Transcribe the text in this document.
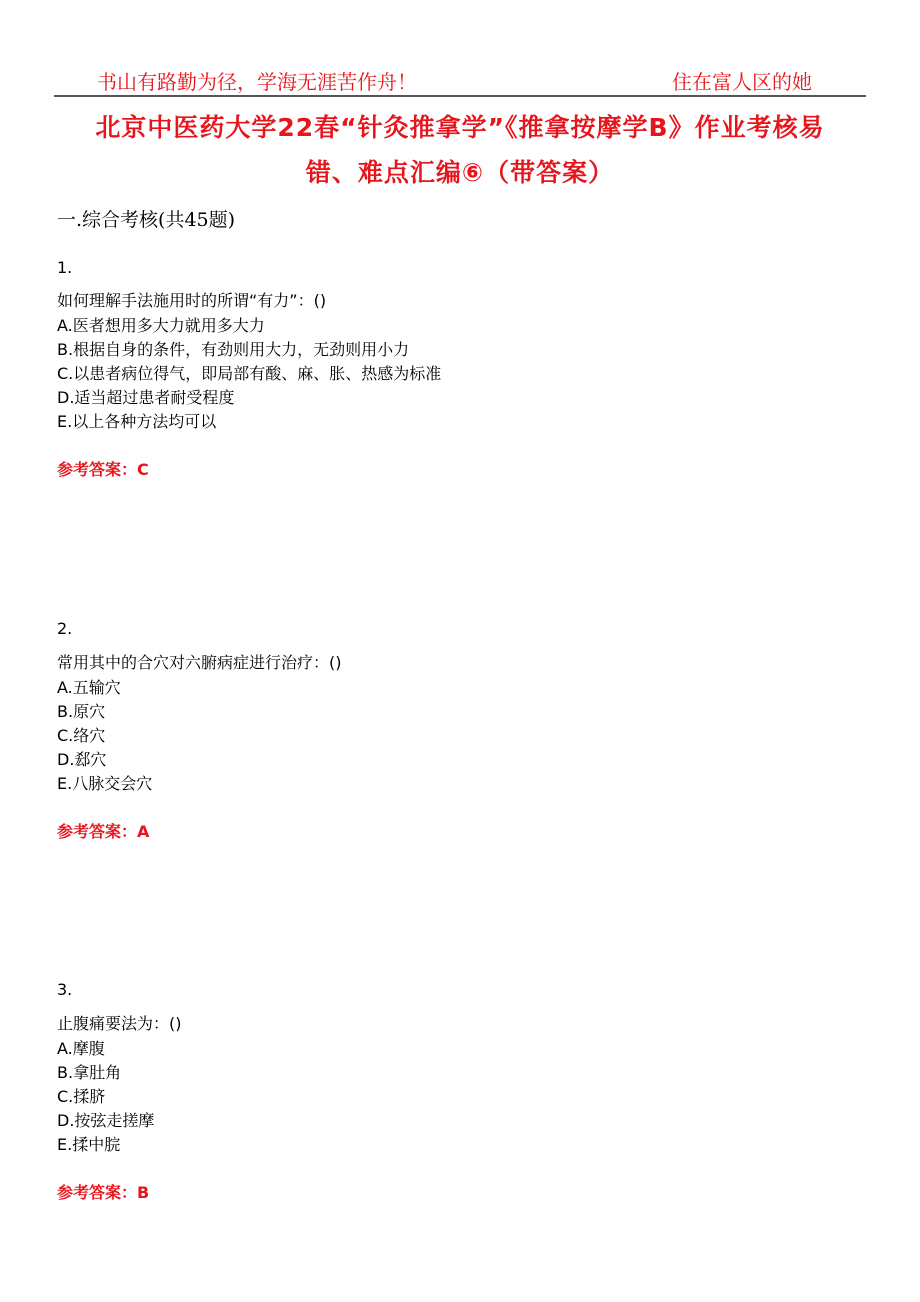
书山有路勤为径，学海无涯苦作舟！	住在富人区的她
北京中医药大学22春“针灸推拿学”《推拿按摩学B》作业考核易
错、难点汇编⑥（带答案）
一.综合考核(共45题)
1.
如何理解手法施用时的所谓“有力”：()
A.医者想用多大力就用多大力
B.根据自身的条件，有劲则用大力，无劲则用小力
C.以患者病位得气，即局部有酸、麻、胀、热感为标准
D.适当超过患者耐受程度
E.以上各种方法均可以
参考答案：C
2.
常用其中的合穴对六腑病症进行治疗：()
A.五输穴
B.原穴
C.络穴
D.郄穴
E.八脉交会穴
参考答案：A
3.
止腹痛要法为：()
A.摩腹
B.拿肚角
C.揉脐
D.按弦走搓摩
E.揉中脘
参考答案：B
